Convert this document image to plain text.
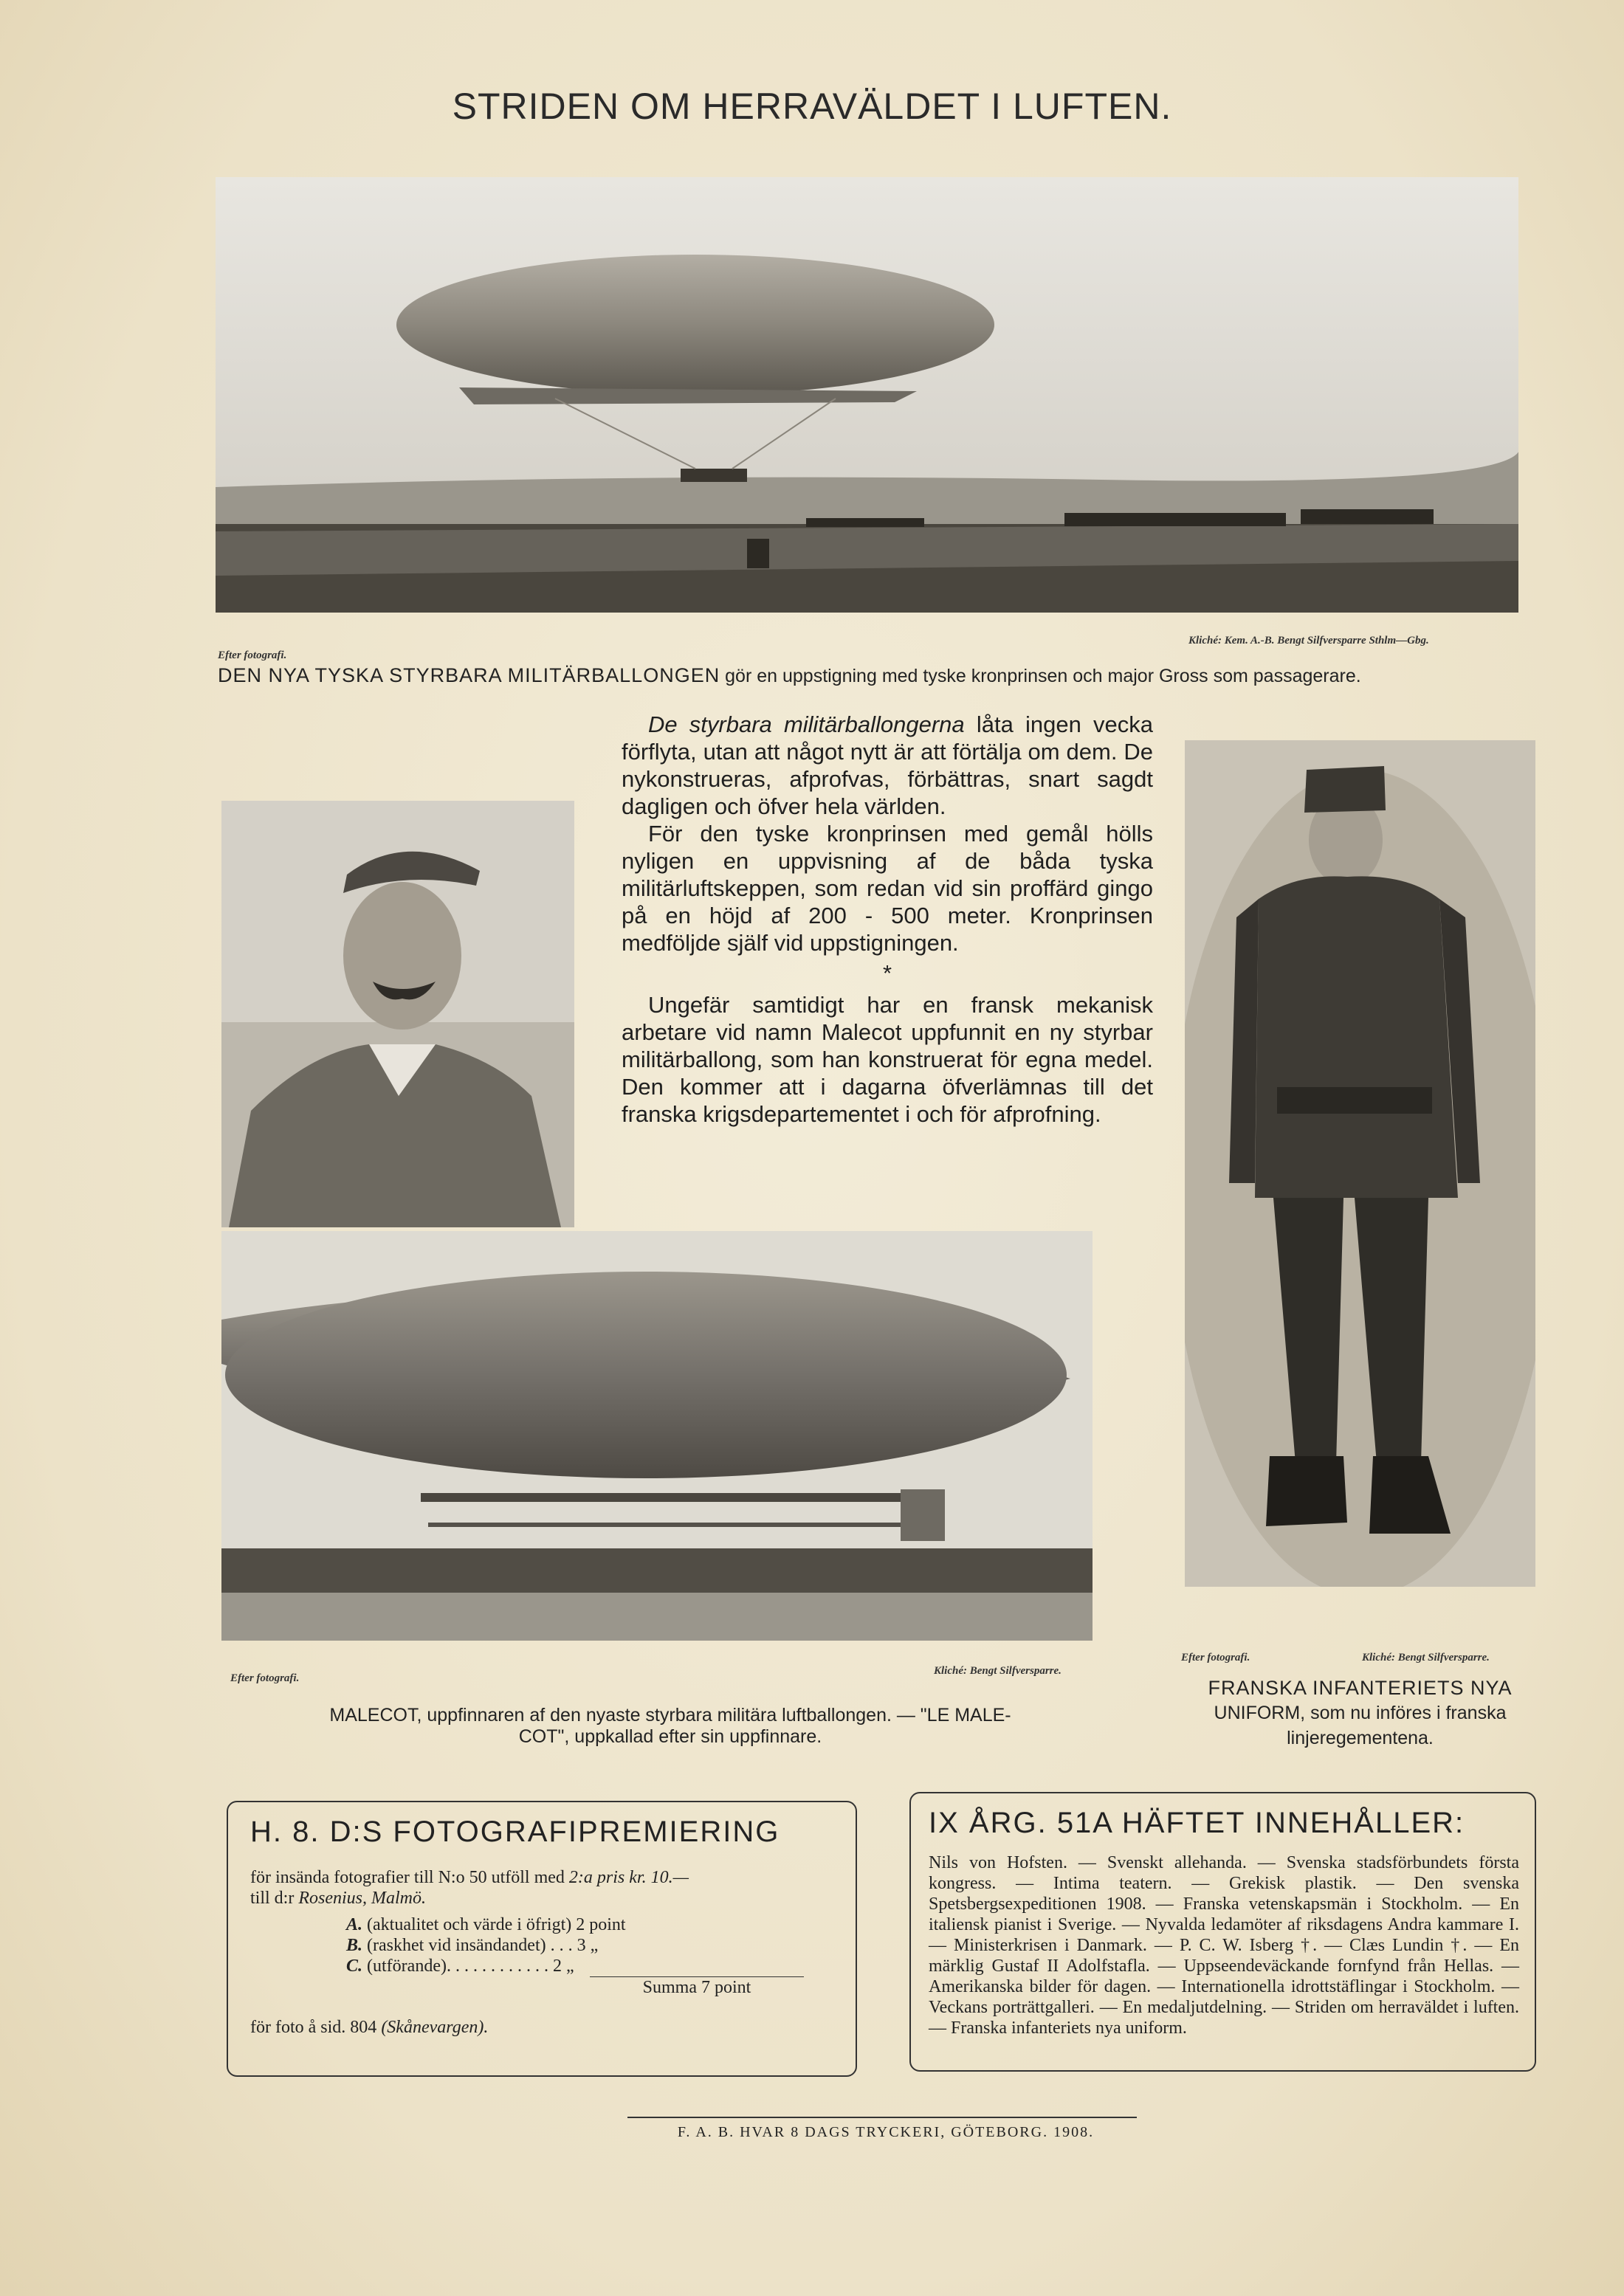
STRIDEN OM HERRAVÄLDET I LUFTEN.
Efter fotografi.
Kliché: Kem. A.-B. Bengt Silfversparre Sthlm—Gbg.
DEN NYA TYSKA STYRBARA MILITÄRBALLONGEN gör en uppstigning med tyske kronprinsen och major Gross som passagerare.

De styrbara militärballongerna låta ingen vecka förflyta, utan att något nytt är att förtälja om dem. De nykonstrueras, afprofvas, förbättras, snart sagdt dagligen och öfver hela världen.

För den tyske kronprinsen med gemål hölls nyligen en uppvisning af de båda tyska militärluftskeppen, som redan vid sin proffärd gingo på en höjd af 200 - 500 meter. Kronprinsen medföljde själf vid uppstigningen.

*

Ungefär samtidigt har en fransk mekanisk arbetare vid namn Malecot uppfunnit en ny styrbar militärballong, som han konstruerat för egna medel. Den kommer att i dagarna öfverlämnas till det franska krigsdepartementet i och för afprofning.

Efter fotografi.
Kliché: Bengt Silfversparre.
MALECOT, uppfinnaren af den nyaste styrbara militära luftballongen. — "LE MALE-
COT", uppkallad efter sin uppfinnare.
Efter fotografi.	Kliché: Bengt Silfversparre.
FRANSKA INFANTERIETS NYA
UNIFORM, som nu införes i franska
linjeregementena.
H. 8. D:S FOTOGRAFIPREMIERING
för insända fotografier till N:o 50 utföll med 2:a pris kr. 10.—
till d:r Rosenius, Malmö.
A. (aktualitet och värde i öfrigt) 2 point
B. (raskhet vid insändandet) . . . 3 „
C. (utförande). . . . . . . . . . . . 2 „
Summa 7 point
för foto å sid. 804 (Skånevargen).
IX ÅRG. 51A HÄFTET INNEHÅLLER:
Nils von Hofsten. — Svenskt allehanda. — Svenska stadsförbundets första kongress. — Intima teatern. — Grekisk plastik. — Den svenska Spetsbergsexpeditionen 1908. — Franska vetenskapsmän i Stockholm. — En italiensk pianist i Sverige. — Nyvalda ledamöter af riksdagens Andra kammare I. — Ministerkrisen i Danmark. — P. C. W. Isberg †. — Clæs Lundin †. — En märklig Gustaf II Adolfstafla. — Uppseendeväckande fornfynd från Hellas. — Amerikanska bilder för dagen. — Internationella idrottstäflingar i Stockholm. — Veckans porträttgalleri. — En medaljutdelning. — Striden om herraväldet i luften. — Franska infanteriets nya uniform.
F. A. B. HVAR 8 DAGS TRYCKERI, GÖTEBORG. 1908.
